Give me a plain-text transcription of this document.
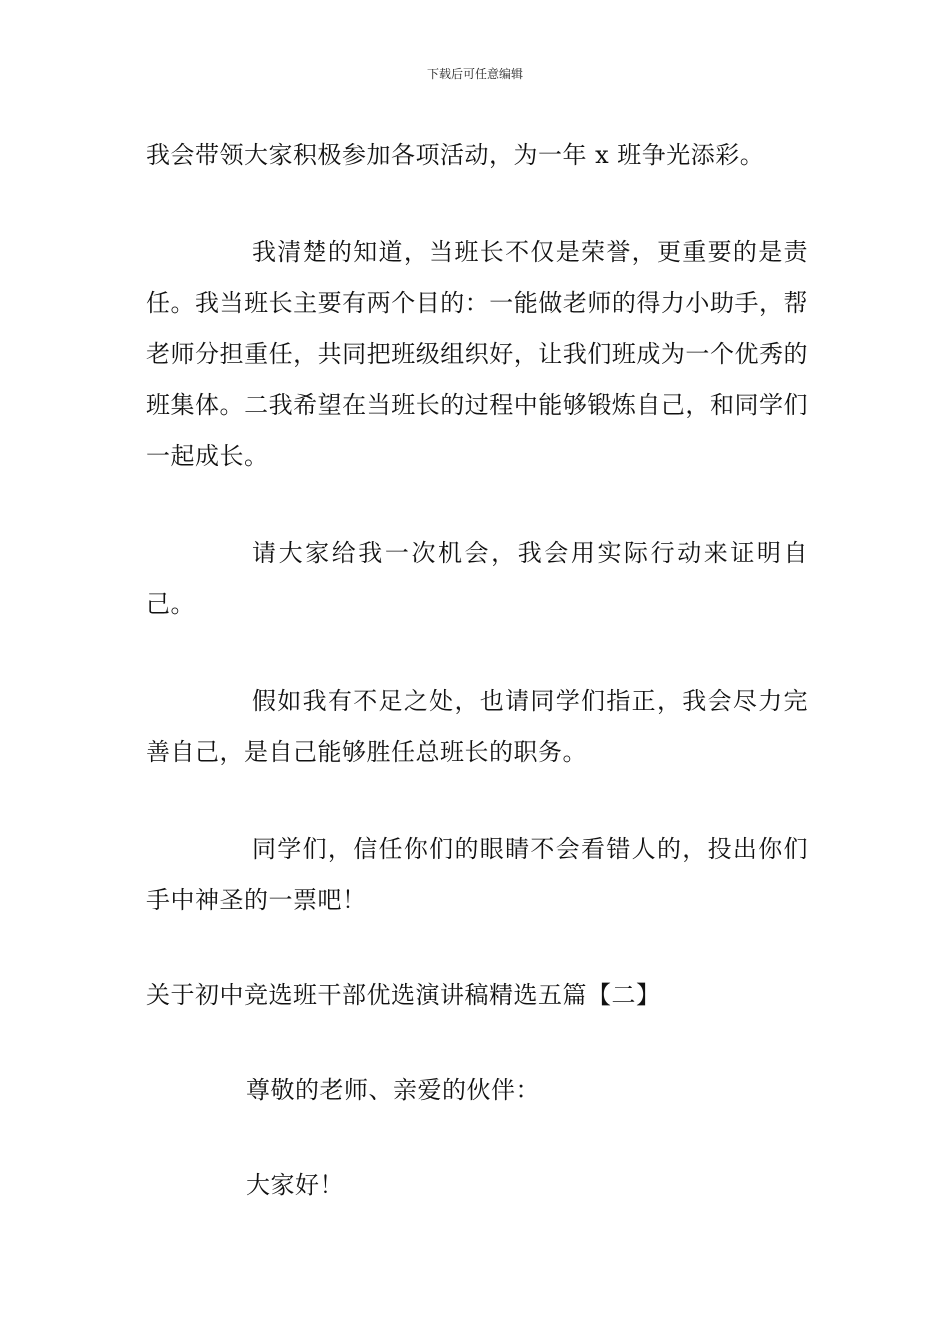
下载后可任意编辑

我会带领大家积极参加各项活动，为一年 x 班争光添彩。

我清楚的知道，当班长不仅是荣誉，更重要的是责任。我当班长主要有两个目的：一能做老师的得力小助手，帮老师分担重任，共同把班级组织好，让我们班成为一个优秀的班集体。二我希望在当班长的过程中能够锻炼自己，和同学们一起成长。

请大家给我一次机会，我会用实际行动来证明自己。

假如我有不足之处，也请同学们指正，我会尽力完善自己，是自己能够胜任总班长的职务。

同学们，信任你们的眼睛不会看错人的，投出你们手中神圣的一票吧！

关于初中竞选班干部优选演讲稿精选五篇【二】

尊敬的老师、亲爱的伙伴：

大家好！
